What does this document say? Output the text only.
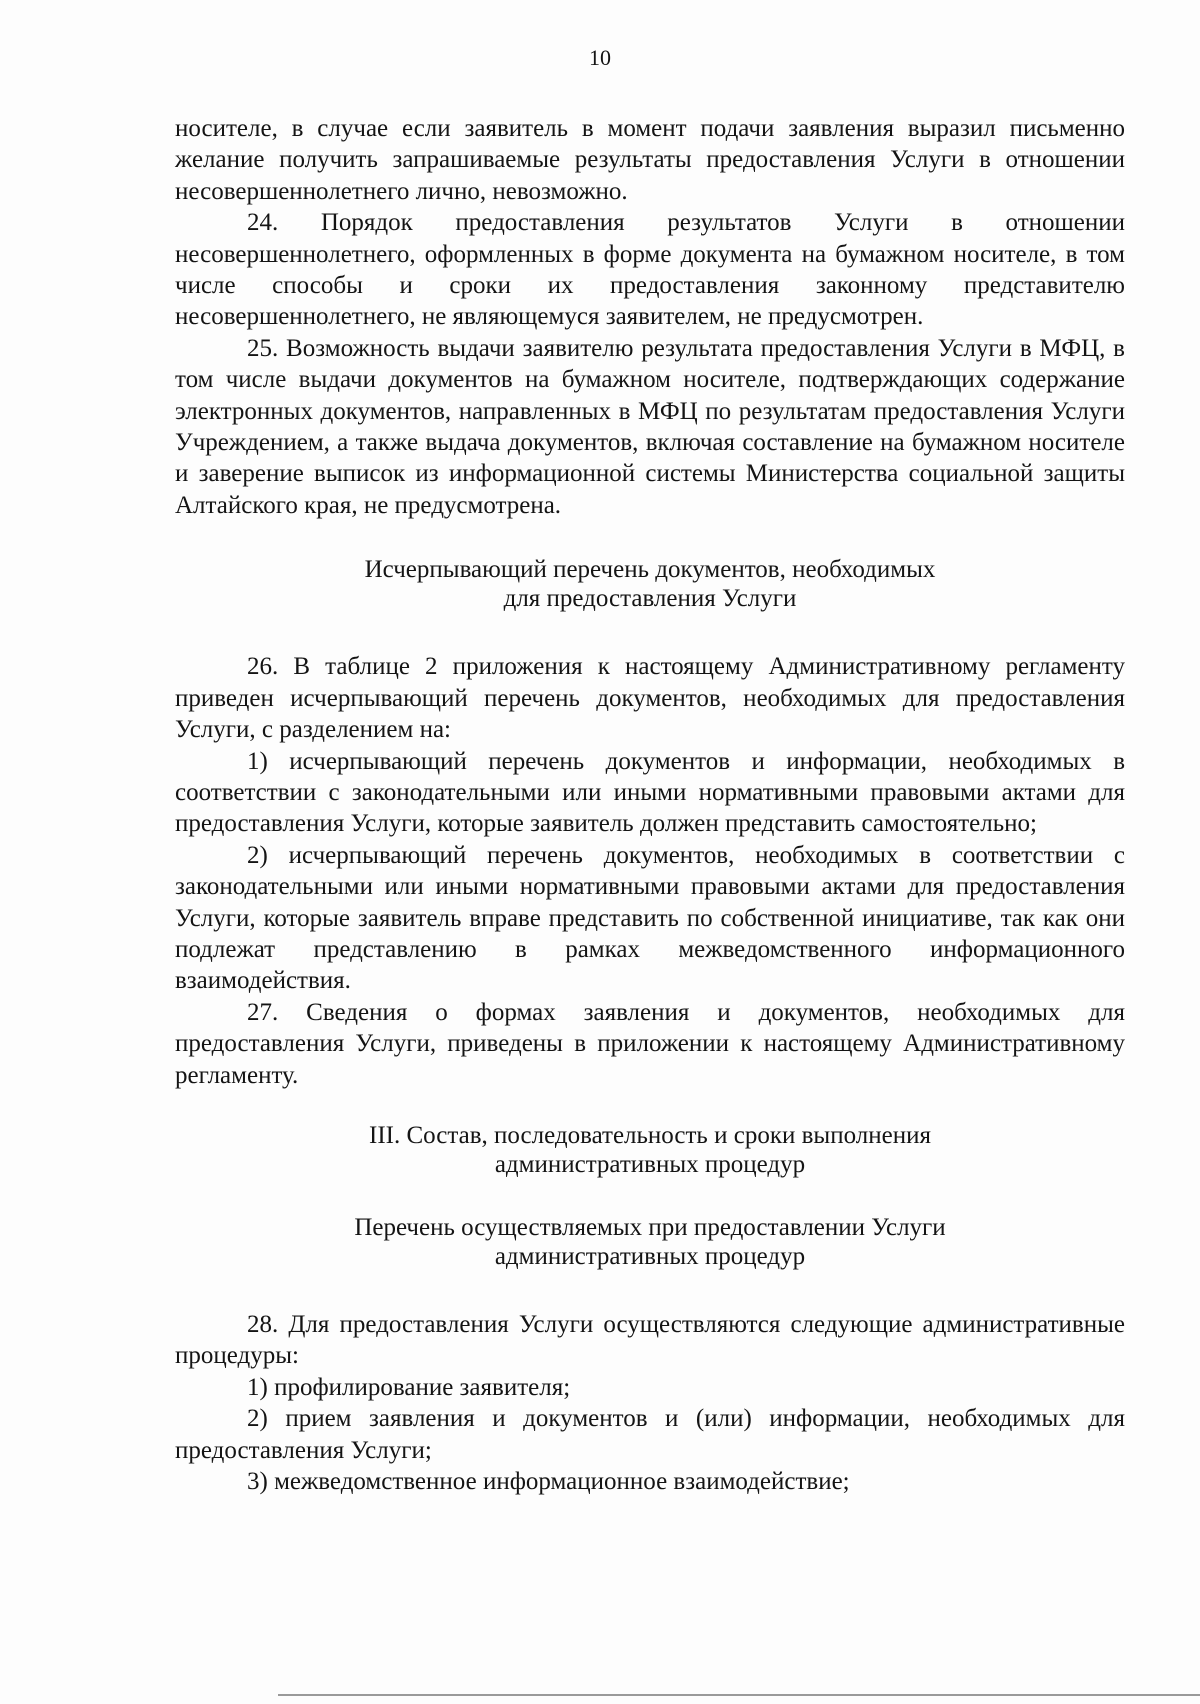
10

носителе, в случае если заявитель в момент подачи заявления выразил письменно желание получить запрашиваемые результаты предоставления Услуги в отношении несовершеннолетнего лично, невозможно.

24. Порядок предоставления результатов Услуги в отношении несовершеннолетнего, оформленных в форме документа на бумажном носителе, в том числе способы и сроки их предоставления законному представителю несовершеннолетнего, не являющемуся заявителем, не предусмотрен.

25. Возможность выдачи заявителю результата предоставления Услуги в МФЦ, в том числе выдачи документов на бумажном носителе, подтверждающих содержание электронных документов, направленных в МФЦ по результатам предоставления Услуги Учреждением, а также выдача документов, включая составление на бумажном носителе и заверение выписок из информационной системы Министерства социальной защиты Алтайского края, не предусмотрена.

Исчерпывающий перечень документов, необходимых
для предоставления Услуги

26. В таблице 2 приложения к настоящему Административному регламенту приведен исчерпывающий перечень документов, необходимых для предоставления Услуги, с разделением на:

1) исчерпывающий перечень документов и информации, необходимых в соответствии с законодательными или иными нормативными правовыми актами для предоставления Услуги, которые заявитель должен представить самостоятельно;

2) исчерпывающий перечень документов, необходимых в соответствии с законодательными или иными нормативными правовыми актами для предоставления Услуги, которые заявитель вправе представить по собственной инициативе, так как они подлежат представлению в рамках межведомственного информационного взаимодействия.

27. Сведения о формах заявления и документов, необходимых для предоставления Услуги, приведены в приложении к настоящему Административному регламенту.

III. Состав, последовательность и сроки выполнения
административных процедур
Перечень осуществляемых при предоставлении Услуги
административных процедур

28. Для предоставления Услуги осуществляются следующие административные процедуры:

1) профилирование заявителя;

2) прием заявления и документов и (или) информации, необходимых для предоставления Услуги;

3) межведомственное информационное взаимодействие;
